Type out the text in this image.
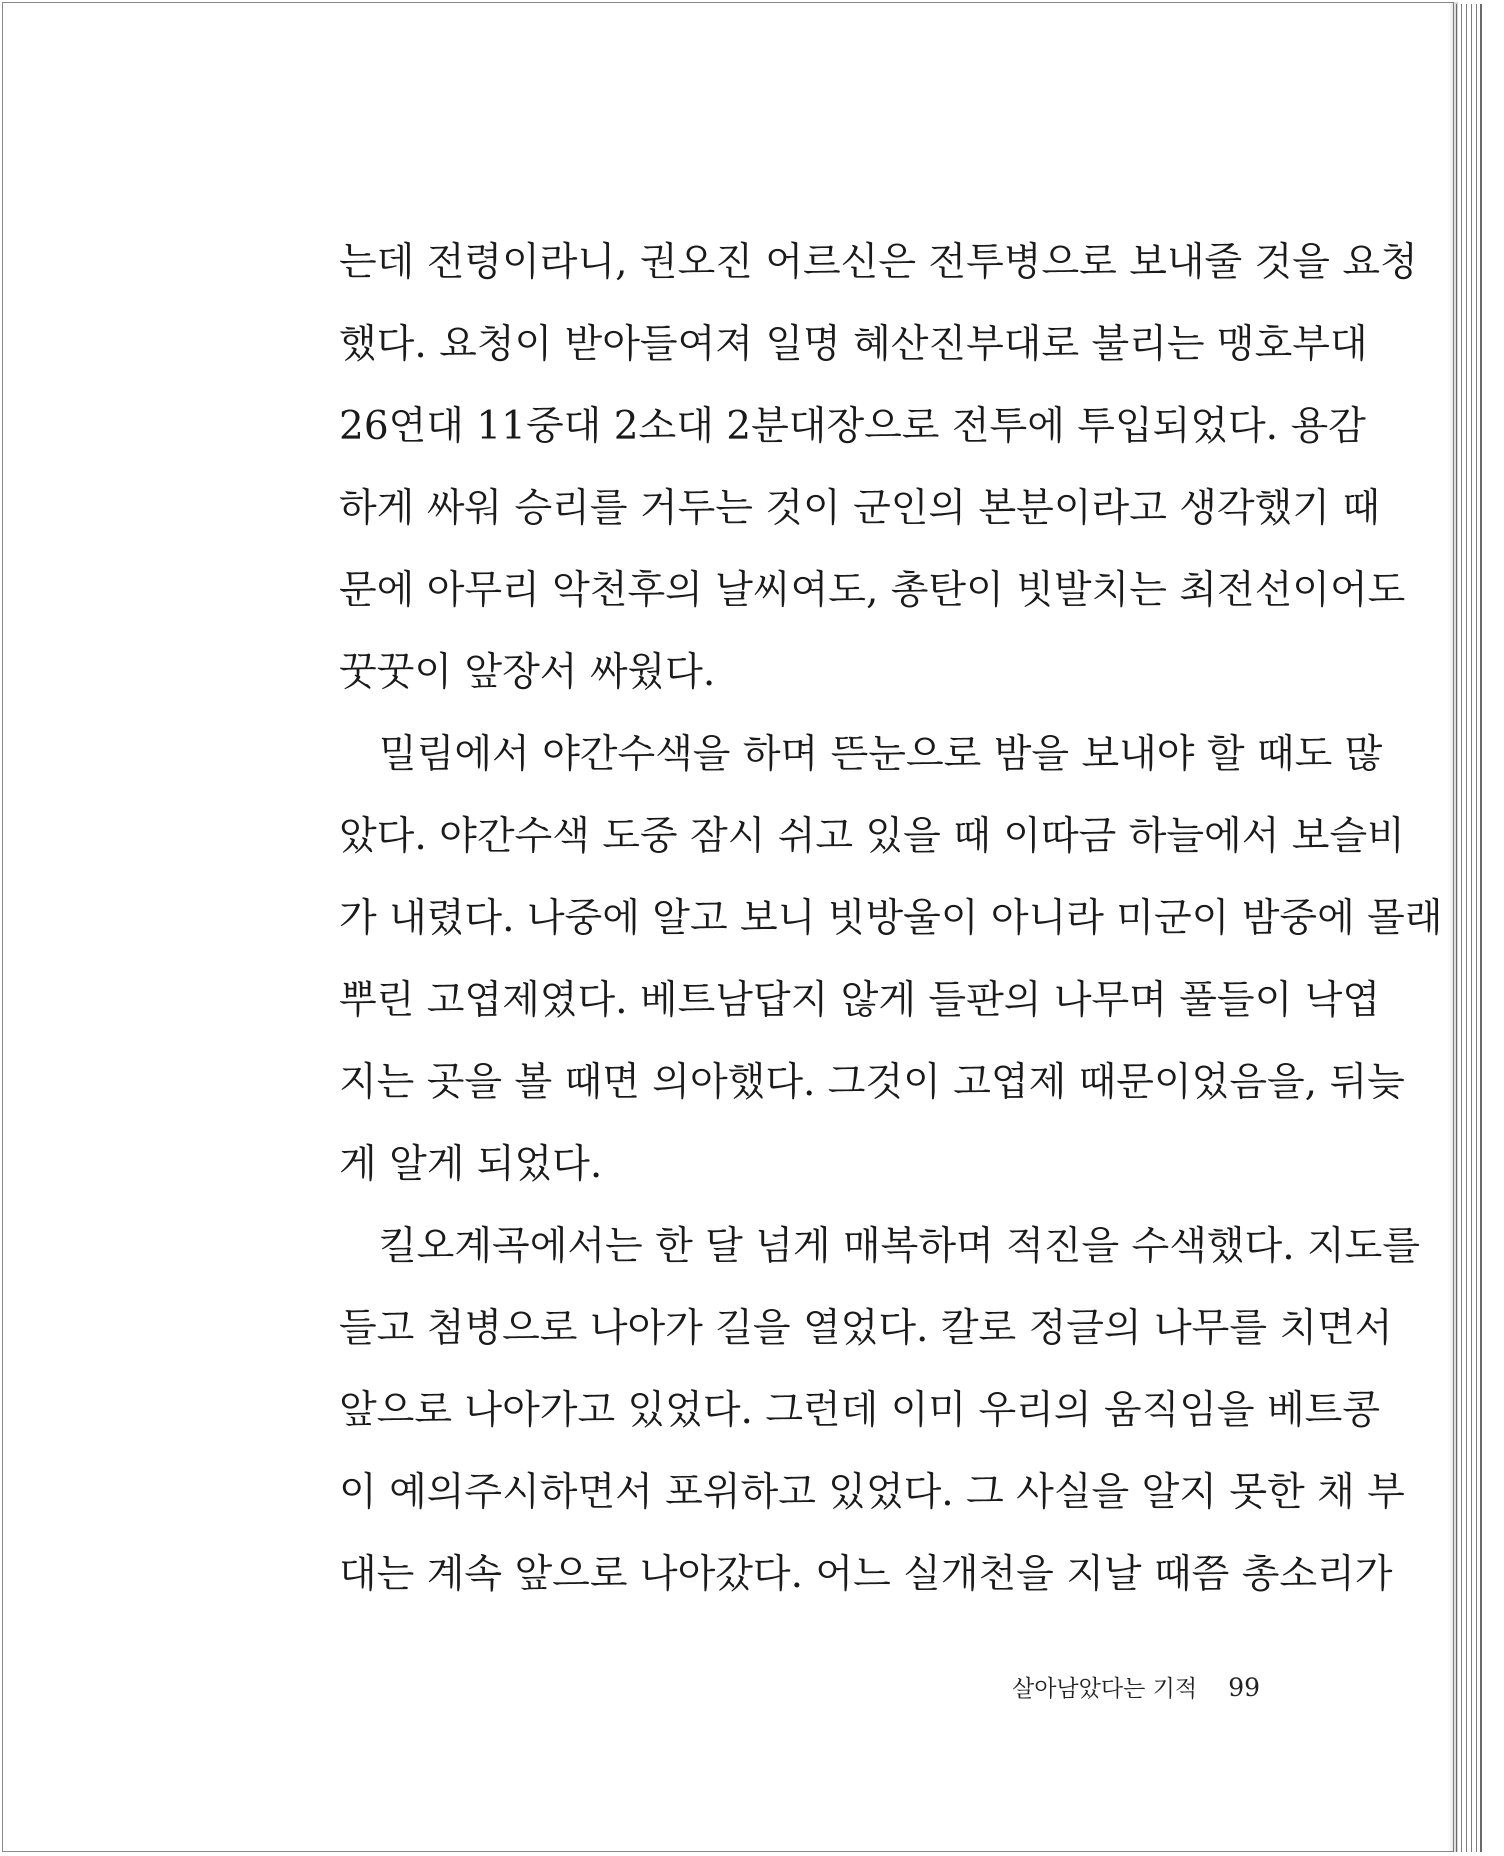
는데 전령이라니, 권오진 어르신은 전투병으로 보내줄 것을 요청
했다. 요청이 받아들여져 일명 혜산진부대로 불리는 맹호부대
26연대 11중대 2소대 2분대장으로 전투에 투입되었다. 용감
하게 싸워 승리를 거두는 것이 군인의 본분이라고 생각했기 때
문에 아무리 악천후의 날씨여도, 총탄이 빗발치는 최전선이어도
꿋꿋이 앞장서 싸웠다.
밀림에서 야간수색을 하며 뜬눈으로 밤을 보내야 할 때도 많
았다. 야간수색 도중 잠시 쉬고 있을 때 이따금 하늘에서 보슬비
가 내렸다. 나중에 알고 보니 빗방울이 아니라 미군이 밤중에 몰래
뿌린 고엽제였다. 베트남답지 않게 들판의 나무며 풀들이 낙엽
지는 곳을 볼 때면 의아했다. 그것이 고엽제 때문이었음을, 뒤늦
게 알게 되었다.
킬오계곡에서는 한 달 넘게 매복하며 적진을 수색했다. 지도를
들고 첨병으로 나아가 길을 열었다. 칼로 정글의 나무를 치면서
앞으로 나아가고 있었다. 그런데 이미 우리의 움직임을 베트콩
이 예의주시하면서 포위하고 있었다. 그 사실을 알지 못한 채 부
대는 계속 앞으로 나아갔다. 어느 실개천을 지날 때쯤 총소리가
살아남았다는 기적 99
